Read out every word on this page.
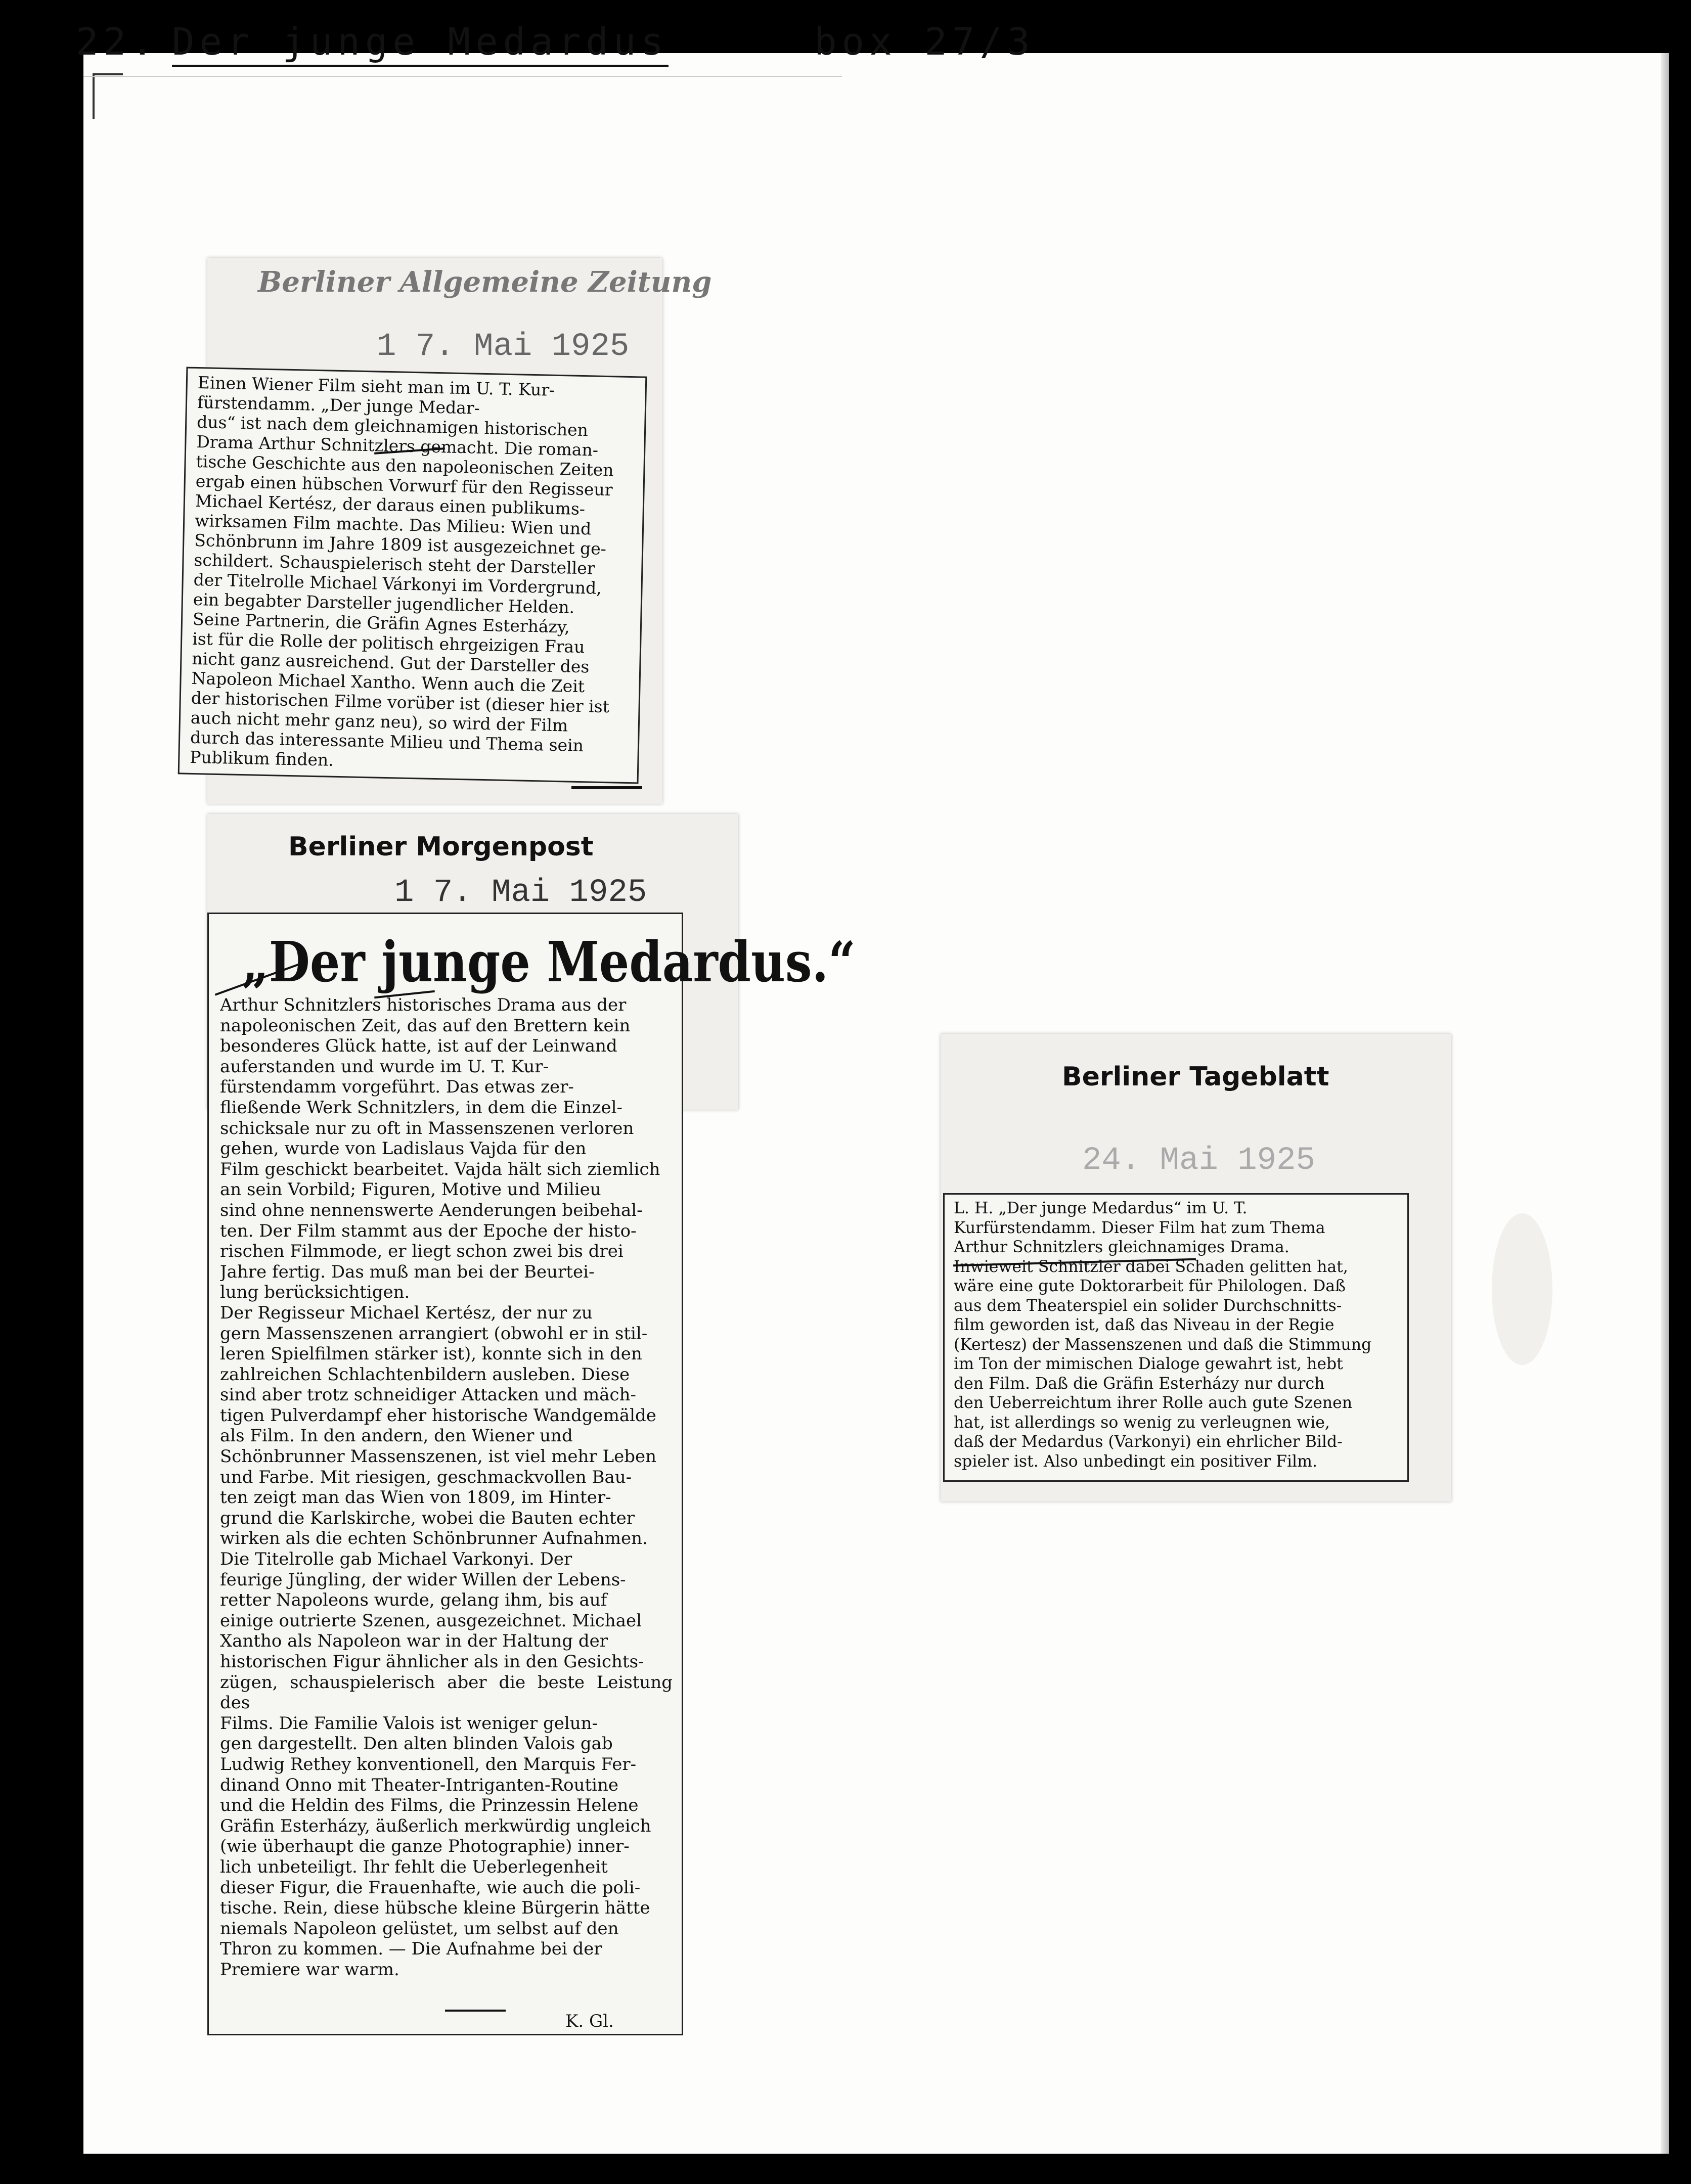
22. Der junge Medardus	box 27/3
Berliner Allgemeine Zeitung
1 7. Mai 1925
Einen Wiener Film sieht man im U. T. Kur-
fürstendamm. „Der junge Medar-
dus“ ist nach dem gleichnamigen historischen
Drama Arthur Schnitzlers gemacht. Die roman-
tische Geschichte aus den napoleonischen Zeiten
ergab einen hübschen Vorwurf für den Regisseur
Michael Kertész, der daraus einen publikums-
wirksamen Film machte. Das Milieu: Wien und
Schönbrunn im Jahre 1809 ist ausgezeichnet ge-
schildert. Schauspielerisch steht der Darsteller
der Titelrolle Michael Várkonyi im Vordergrund,
ein begabter Darsteller jugendlicher Helden.
Seine Partnerin, die Gräfin Agnes Esterházy,
ist für die Rolle der politisch ehrgeizigen Frau
nicht ganz ausreichend. Gut der Darsteller des
Napoleon Michael Xantho. Wenn auch die Zeit
der historischen Filme vorüber ist (dieser hier ist
auch nicht mehr ganz neu), so wird der Film
durch das interessante Milieu und Thema sein
Publikum finden.
Berliner Morgenpost
1 7. Mai 1925
„Der junge Medardus.“
Arthur Schnitzlers historisches Drama aus der
napoleonischen Zeit, das auf den Brettern kein
besonderes Glück hatte, ist auf der Leinwand
auferstanden und wurde im U. T. Kur-
fürstendamm vorgeführt. Das etwas zer-
fließende Werk Schnitzlers, in dem die Einzel-
schicksale nur zu oft in Massenszenen verloren
gehen, wurde von Ladislaus Vajda für den
Film geschickt bearbeitet. Vajda hält sich ziemlich
an sein Vorbild; Figuren, Motive und Milieu
sind ohne nennenswerte Aenderungen beibehal-
ten. Der Film stammt aus der Epoche der histo-
rischen Filmmode, er liegt schon zwei bis drei
Jahre fertig. Das muß man bei der Beurtei-
lung berücksichtigen.
Der Regisseur Michael Kertész, der nur zu
gern Massenszenen arrangiert (obwohl er in stil-
leren Spielfilmen stärker ist), konnte sich in den
zahlreichen Schlachtenbildern ausleben. Diese
sind aber trotz schneidiger Attacken und mäch-
tigen Pulverdampf eher historische Wandgemälde
als Film. In den andern, den Wiener und
Schönbrunner Massenszenen, ist viel mehr Leben
und Farbe. Mit riesigen, geschmackvollen Bau-
ten zeigt man das Wien von 1809, im Hinter-
grund die Karlskirche, wobei die Bauten echter
wirken als die echten Schönbrunner Aufnahmen.
Die Titelrolle gab Michael Varkonyi. Der
feurige Jüngling, der wider Willen der Lebens-
retter Napoleons wurde, gelang ihm, bis auf
einige outrierte Szenen, ausgezeichnet. Michael
Xantho als Napoleon war in der Haltung der
historischen Figur ähnlicher als in den Gesichts-
zügen, schauspielerisch aber die beste Leistung des
Films. Die Familie Valois ist weniger gelun-
gen dargestellt. Den alten blinden Valois gab
Ludwig Rethey konventionell, den Marquis Fer-
dinand Onno mit Theater-Intriganten-Routine
und die Heldin des Films, die Prinzessin Helene
Gräfin Esterházy, äußerlich merkwürdig ungleich
(wie überhaupt die ganze Photographie) inner-
lich unbeteiligt. Ihr fehlt die Ueberlegenheit
dieser Figur, die Frauenhafte, wie auch die poli-
tische. Rein, diese hübsche kleine Bürgerin hätte
niemals Napoleon gelüstet, um selbst auf den
Thron zu kommen. — Die Aufnahme bei der
Premiere war warm.
K. Gl.
Berliner Tageblatt
24. Mai 1925
L. H. „Der junge Medardus“ im U. T.
Kurfürstendamm. Dieser Film hat zum Thema
Arthur Schnitzlers gleichnamiges Drama.
Inwieweit Schnitzler dabei Schaden gelitten hat,
wäre eine gute Doktorarbeit für Philologen. Daß
aus dem Theaterspiel ein solider Durchschnitts-
film geworden ist, daß das Niveau in der Regie
(Kertesz) der Massenszenen und daß die Stimmung
im Ton der mimischen Dialoge gewahrt ist, hebt
den Film. Daß die Gräfin Esterházy nur durch
den Ueberreichtum ihrer Rolle auch gute Szenen
hat, ist allerdings so wenig zu verleugnen wie,
daß der Medardus (Varkonyi) ein ehrlicher Bild-
spieler ist. Also unbedingt ein positiver Film.
